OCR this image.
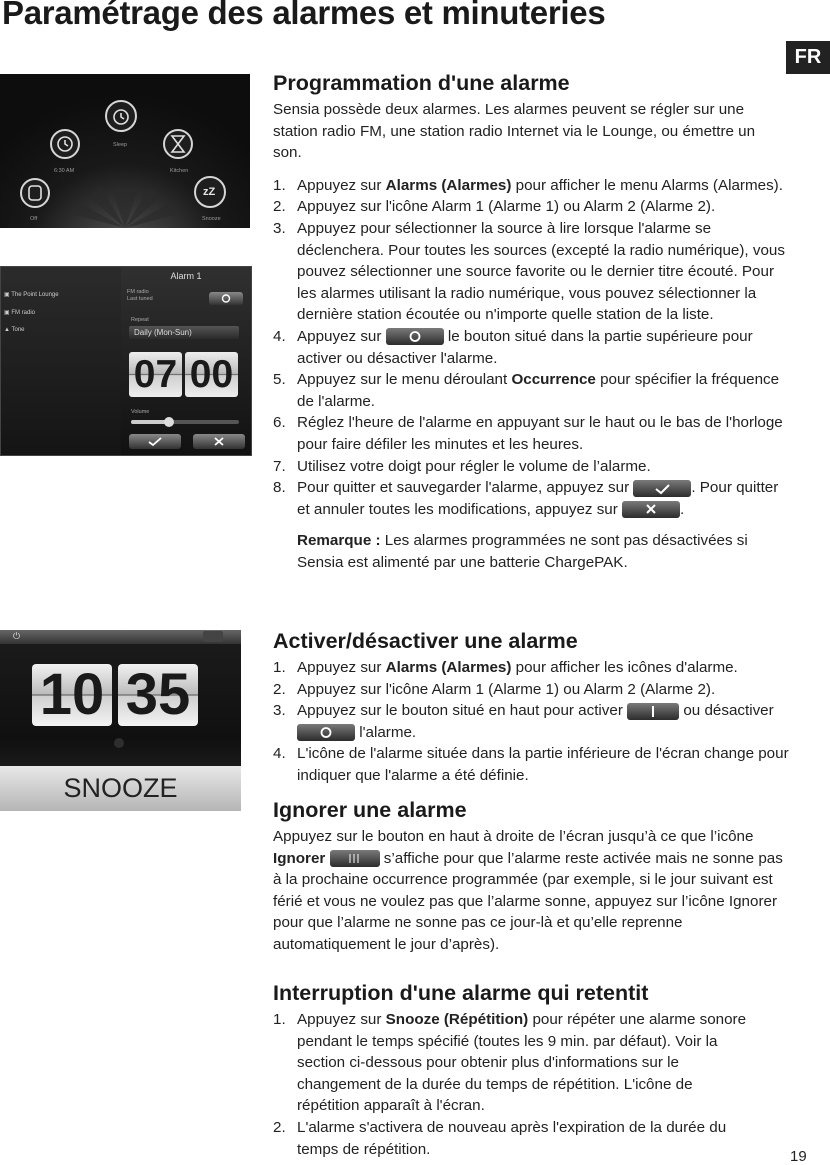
Paramétrage des alarmes et minuteries
FR
zZ
Off
6:30 AM
Sleep
Kitchen
Snooze
▣ The Point Lounge
▣ FM radio
▲ Tone
Alarm 1
FM radio
Last tuned
Repeat
Daily (Mon-Sun)
07 00
Volume
⏻
10 35
SNOOZE
Programmation d'une alarme

Sensia possède deux alarmes. Les alarmes peuvent se régler sur une station radio FM, une station radio Internet via le Lounge, ou émettre un son.

1. Appuyez sur Alarms (Alarmes) pour afficher le menu Alarms (Alarmes).
2. Appuyez sur l'icône Alarm 1 (Alarme 1) ou Alarm 2 (Alarme 2).
3. Appuyez pour sélectionner la source à lire lorsque l'alarme se déclenchera. Pour toutes les sources (excepté la radio numérique), vous pouvez sélectionner une source favorite ou le dernier titre écouté. Pour les alarmes utilisant la radio numérique, vous pouvez sélectionner la dernière station écoutée ou n'importe quelle station de la liste.
4. Appuyez sur	le bouton situé dans la partie supérieure pour activer ou désactiver l'alarme.
5. Appuyez sur le menu déroulant Occurrence pour spécifier la fréquence de l'alarme.
6. Réglez l'heure de l'alarme en appuyant sur le haut ou le bas de l'horloge pour faire défiler les minutes et les heures.
7. Utilisez votre doigt pour régler le volume de l’alarme.
8. Pour quitter et sauvegarder l'alarme, appuyez sur	. Pour quitter et annuler toutes les modifications, appuyez sur	.

Remarque : Les alarmes programmées ne sont pas désactivées si Sensia est alimenté par une batterie ChargePAK.

Activer/désactiver une alarme
1. Appuyez sur Alarms (Alarmes) pour afficher les icônes d'alarme.
2. Appuyez sur l'icône Alarm 1 (Alarme 1) ou Alarm 2 (Alarme 2).
3. Appuyez sur le bouton situé en haut pour activer	ou désactiver
l'alarme.
4. L'icône de l'alarme située dans la partie inférieure de l'écran change pour indiquer que l'alarme a été définie.
Ignorer une alarme

Appuyez sur le bouton en haut à droite de l’écran jusqu’à ce que l’icône Ignorer	s’affiche pour que l’alarme reste activée mais ne sonne pas à la prochaine occurrence programmée (par exemple, si le jour suivant est férié et vous ne voulez pas que l’alarme sonne, appuyez sur l’icône Ignorer pour que l’alarme ne sonne pas ce jour-là et qu’elle reprenne automatiquement le jour d’après).

Interruption d'une alarme qui retentit
1. Appuyez sur Snooze (Répétition) pour répéter une alarme sonore pendant le temps spécifié (toutes les 9 min. par défaut). Voir la section ci-dessous pour obtenir plus d'informations sur le changement de la durée du temps de répétition. L'icône de répétition apparaît à l'écran.
2. L'alarme s'activera de nouveau après l'expiration de la durée du temps de répétition.	19
